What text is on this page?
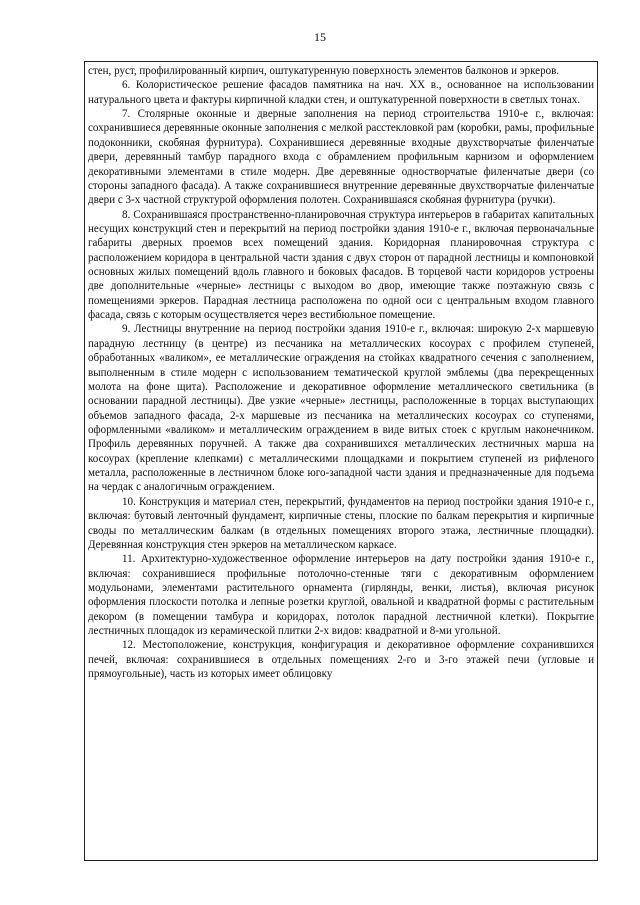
15

стен, руст, профилированный кирпич, оштукатуренную поверхность элементов балконов и эркеров.

6. Колористическое решение фасадов памятника на нач. XX в., основанное на использовании натурального цвета и фактуры кирпичной кладки стен, и оштукатуренной поверхности в светлых тонах.

7. Столярные оконные и дверные заполнения на период строительства 1910-е г., включая: сохранившиеся деревянные оконные заполнения с мелкой расстекловкой рам (коробки, рамы, профильные подоконники, скобяная фурнитура). Сохранившиеся деревянные входные двухстворчатые филенчатые двери, деревянный тамбур парадного входа с обрамлением профильным карнизом и оформлением декоративными элементами в стиле модерн. Две деревянные одностворчатые филенчатые двери (со стороны западного фасада). А также сохранившиеся внутренние деревянные двухстворчатые филенчатые двери с 3-х частной структурой оформления полотен. Сохранившаяся скобяная фурнитура (ручки).

8. Сохранившаяся пространственно-планировочная структура интерьеров в габаритах капитальных несущих конструкций стен и перекрытий на период постройки здания 1910-е г., включая первоначальные габариты дверных проемов всех помещений здания. Коридорная планировочная структура с расположением коридора в центральной части здания с двух сторон от парадной лестницы и компоновкой основных жилых помещений вдоль главного и боковых фасадов. В торцевой части коридоров устроены две дополнительные «черные» лестницы с выходом во двор, имеющие также поэтажную связь с помещениями эркеров. Парадная лестница расположена по одной оси с центральным входом главного фасада, связь с которым осуществляется через вестибюльное помещение.

9. Лестницы внутренние на период постройки здания 1910-е г., включая: широкую 2-х маршевую парадную лестницу (в центре) из песчаника на металлических косоурах с профилем ступеней, обработанных «валиком», ее металлические ограждения на стойках квадратного сечения с заполнением, выполненным в стиле модерн с использованием тематической круглой эмблемы (два перекрещенных молота на фоне щита). Расположение и декоративное оформление металлического светильника (в основании парадной лестницы). Две узкие «черные» лестницы, расположенные в торцах выступающих объемов западного фасада, 2-х маршевые из песчаника на металлических косоурах со ступенями, оформленными «валиком» и металлическим ограждением в виде витых стоек с круглым наконечником. Профиль деревянных поручней. А также два сохранившихся металлических лестничных марша на косоурах (крепление клепками) с металлическими площадками и покрытием ступеней из рифленого металла, расположенные в лестничном блоке юго-западной части здания и предназначенные для подъема на чердак с аналогичным ограждением.

10. Конструкция и материал стен, перекрытий, фундаментов на период постройки здания 1910-е г., включая: бутовый ленточный фундамент, кирпичные стены, плоские по балкам перекрытия и кирпичные своды по металлическим балкам (в отдельных помещениях второго этажа, лестничные площадки). Деревянная конструкция стен эркеров на металлическом каркасе.

11. Архитектурно-художественное оформление интерьеров на дату постройки здания 1910-е г., включая: сохранившиеся профильные потолочно-стенные тяги с декоративным оформлением модульонами, элементами растительного орнамента (гирлянды, венки, листья), включая рисунок оформления плоскости потолка и лепные розетки круглой, овальной и квадратной формы с растительным декором (в помещении тамбура и коридорах, потолок парадной лестничной клетки). Покрытие лестничных площадок из керамической плитки 2-х видов: квадратной и 8-ми угольной.

12. Местоположение, конструкция, конфигурация и декоративное оформление сохранившихся печей, включая: сохранившиеся в отдельных помещениях 2-го и 3-го этажей печи (угловые и прямоугольные), часть из которых имеет облицовку
